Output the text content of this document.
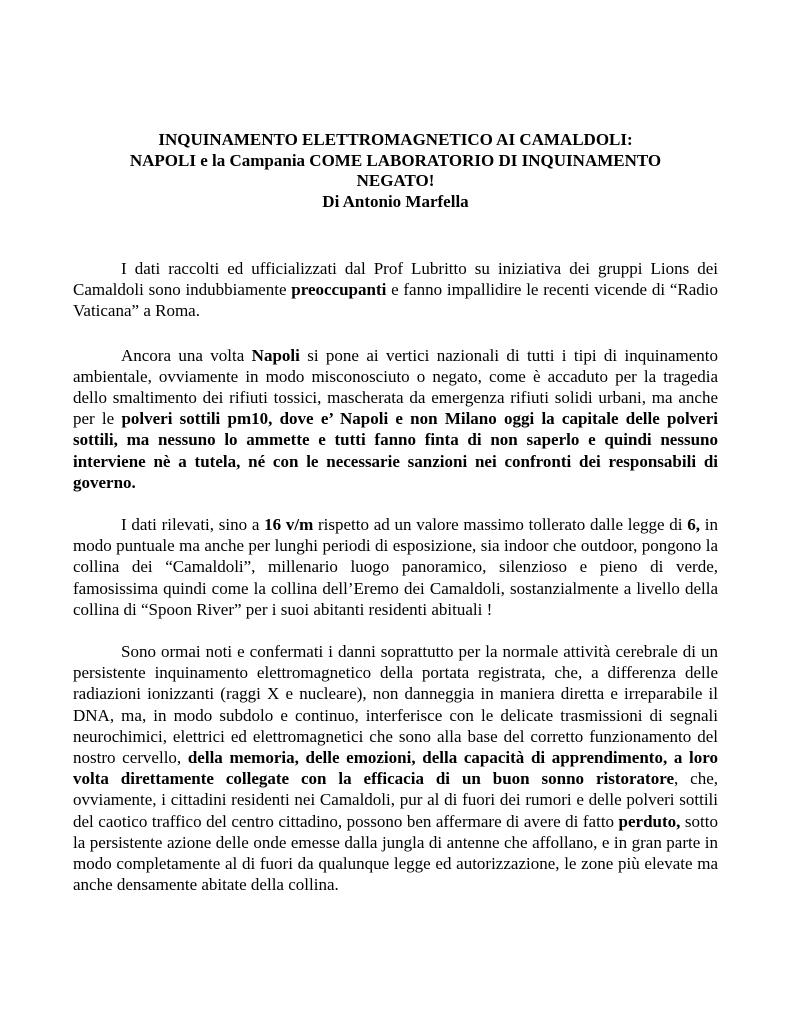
INQUINAMENTO ELETTROMAGNETICO AI CAMALDOLI:
NAPOLI e la Campania COME LABORATORIO DI INQUINAMENTO
NEGATO!
Di Antonio Marfella

I dati raccolti ed ufficializzati dal Prof Lubritto su iniziativa dei gruppi Lions dei Camaldoli sono indubbiamente preoccupanti e fanno impallidire le recenti vicende di “Radio Vaticana” a Roma.

Ancora una volta Napoli si pone ai vertici nazionali di tutti i tipi di inquinamento ambientale, ovviamente in modo misconosciuto o negato, come è accaduto per la tragedia dello smaltimento dei rifiuti tossici, mascherata da emergenza rifiuti solidi urbani, ma anche per le polveri sottili pm10, dove e’ Napoli e non Milano oggi la capitale delle polveri sottili, ma nessuno lo ammette e tutti fanno finta di non saperlo e quindi nessuno interviene nè a tutela, né con le necessarie sanzioni nei confronti dei responsabili di governo.

I dati rilevati, sino a 16 v/m rispetto ad un valore massimo tollerato dalle legge di 6, in modo puntuale ma anche per lunghi periodi di esposizione, sia indoor che outdoor, pongono la collina dei “Camaldoli”, millenario luogo panoramico, silenzioso e pieno di verde, famosissima quindi come la collina dell’Eremo dei Camaldoli, sostanzialmente a livello della collina di “Spoon River” per i suoi abitanti residenti abituali !

Sono ormai noti e confermati i danni soprattutto per la normale attività cerebrale di un persistente inquinamento elettromagnetico della portata registrata, che, a differenza delle radiazioni ionizzanti (raggi X e nucleare), non danneggia in maniera diretta e irreparabile il DNA, ma, in modo subdolo e continuo, interferisce con le delicate trasmissioni di segnali neurochimici, elettrici ed elettromagnetici che sono alla base del corretto funzionamento del nostro cervello, della memoria, delle emozioni, della capacità di apprendimento, a loro volta direttamente collegate con la efficacia di un buon sonno ristoratore, che, ovviamente, i cittadini residenti nei Camaldoli, pur al di fuori dei rumori e delle polveri sottili del caotico traffico del centro cittadino, possono ben affermare di avere di fatto perduto, sotto la persistente azione delle onde emesse dalla jungla di antenne che affollano, e in gran parte in modo completamente al di fuori da qualunque legge ed autorizzazione, le zone più elevate ma anche densamente abitate della collina.
